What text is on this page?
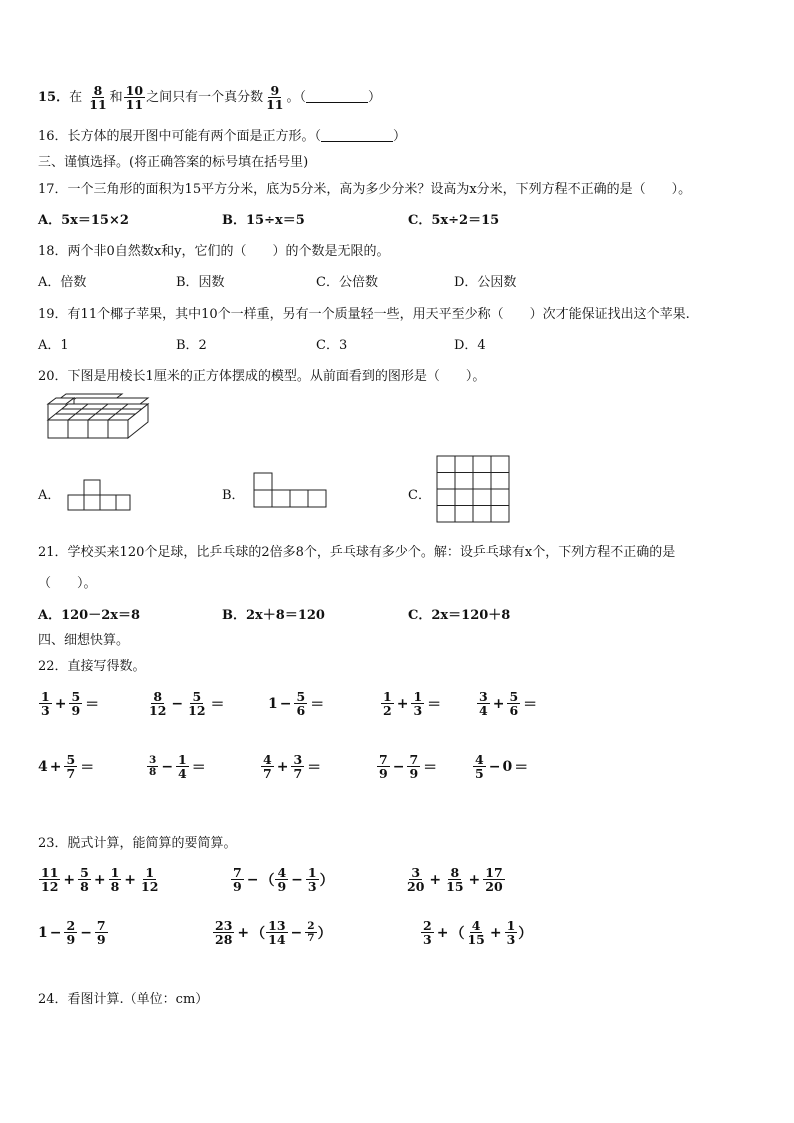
15．在 $\frac{8}{11}$ 和 $\frac{10}{11}$ 之间只有一个真分数 $\frac{9}{11}$ 。（	）
16．长方体的展开图中可能有两个面是正方形。（	）
三、谨慎选择。(将正确答案的标号填在括号里)
17．一个三角形的面积为15平方分米，底为5分米，高为多少分米？设高为x分米，下列方程不正确的是（　　）。
A．5x＝15×2	B．15÷x＝5	C．5x÷2＝15
18．两个非0自然数x和y，它们的（　　）的个数是无限的。
A．倍数	B．因数	C．公倍数	D．公因数
19．有11个椰子苹果，其中10个一样重，另有一个质量轻一些，用天平至少称（　　）次才能保证找出这个苹果.
A．1	B．2	C．3	D．4
20．下图是用棱长1厘米的正方体摆成的模型。从前面看到的图形是（　　）。
A．	B．	C．
21．学校买来120个足球，比乒乓球的2倍多8个，乒乓球有多少个。解：设乒乓球有x个，下列方程不正确的是
（　　）。
A．120－2x＝8	B．2x＋8＝120	C．2x＝120＋8
四、细想快算。
22．直接写得数。
$\frac{1}{3} + \frac{5}{9}$ ＝	$\frac{8}{12} - \frac{5}{12}$ ＝	$1 - \frac{5}{6}$ ＝	$\frac{1}{2} + \frac{1}{3}$ ＝	$\frac{3}{4} + \frac{5}{6}$ ＝
$4 + \frac{5}{7}$ ＝	$\frac{3}{8} - \frac{1}{4}$ ＝	$\frac{4}{7} + \frac{3}{7}$ ＝	$\frac{7}{9} - \frac{7}{9}$ ＝	$\frac{4}{5} - 0$ ＝
23．脱式计算，能简算的要简算。
$\frac{11}{12} + \frac{5}{8} + \frac{1}{8} + \frac{1}{12}$	$\frac{7}{9}$ − （ $\frac{4}{9} - \frac{1}{3}$ ）	$\frac{3}{20} + \frac{8}{15} + \frac{17}{20}$
$1 - \frac{2}{9} - \frac{7}{9}$	$\frac{23}{28}$ + （ $\frac{13}{14} - \frac{2}{7}$ ）	$\frac{2}{3}$ + （ $\frac{4}{15} + \frac{1}{3}$ ）
24．看图计算.（单位：cm）
